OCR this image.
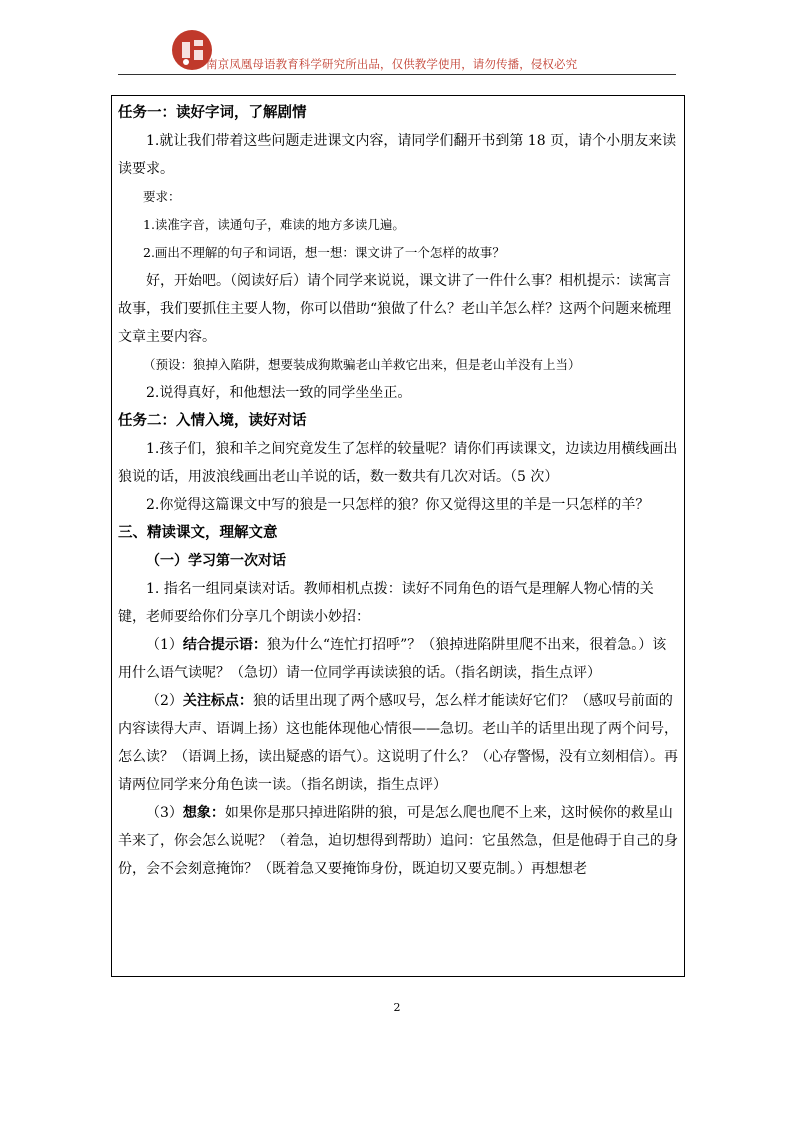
南京凤凰母语教育科学研究所出品，仅供教学使用，请勿传播，侵权必究
任务一：读好字词，了解剧情

1.就让我们带着这些问题走进课文内容，请同学们翻开书到第 18 页，请个小朋友来读读要求。

要求：
1.读准字音，读通句子，难读的地方多读几遍。
2.画出不理解的句子和词语，想一想：课文讲了一个怎样的故事？

好，开始吧。（阅读好后）请个同学来说说，课文讲了一件什么事？相机提示：读寓言故事，我们要抓住主要人物，你可以借助“狼做了什么？老山羊怎么样？这两个问题来梳理文章主要内容。

（预设：狼掉入陷阱，想要装成狗欺骗老山羊救它出来，但是老山羊没有上当）

2.说得真好，和他想法一致的同学坐坐正。

任务二：入情入境，读好对话

1.孩子们，狼和羊之间究竟发生了怎样的较量呢？请你们再读课文，边读边用横线画出狼说的话，用波浪线画出老山羊说的话，数一数共有几次对话。（5 次）

2.你觉得这篇课文中写的狼是一只怎样的狼？你又觉得这里的羊是一只怎样的羊？

三、精读课文，理解文意
（一）学习第一次对话

1. 指名一组同桌读对话。教师相机点拨：读好不同角色的语气是理解人物心情的关键，老师要给你们分享几个朗读小妙招：

（1）结合提示语：狼为什么“连忙打招呼”？（狼掉进陷阱里爬不出来，很着急。）该用什么语气读呢？（急切）请一位同学再读读狼的话。（指名朗读，指生点评）

（2）关注标点：狼的话里出现了两个感叹号，怎么样才能读好它们？（感叹号前面的内容读得大声、语调上扬）这也能体现他心情很——急切。老山羊的话里出现了两个问号，怎么读？（语调上扬，读出疑惑的语气）。这说明了什么？（心存警惕，没有立刻相信）。再请两位同学来分角色读一读。（指名朗读，指生点评）

（3）想象：如果你是那只掉进陷阱的狼，可是怎么爬也爬不上来，这时候你的救星山羊来了，你会怎么说呢？（着急，迫切想得到帮助）追问：它虽然急，但是他碍于自己的身份，会不会刻意掩饰？（既着急又要掩饰身份，既迫切又要克制。）再想想老

2
